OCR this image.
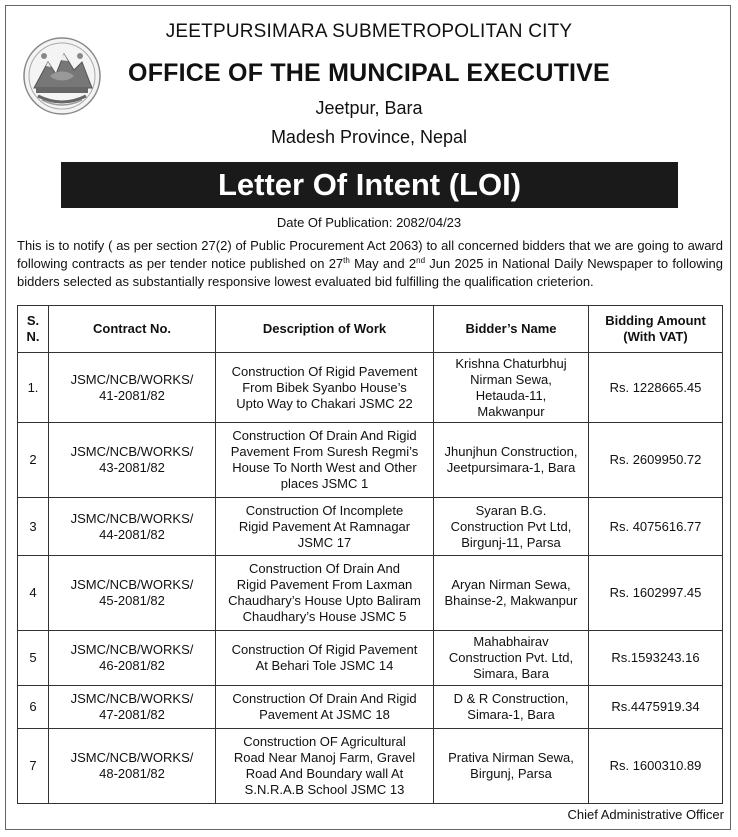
JEETPURSIMARA SUBMETROPOLITAN CITY

OFFICE OF THE MUNCIPAL EXECUTIVE

Jeetpur, Bara

Madesh Province, Nepal

Letter Of Intent (LOI)
Date Of Publication: 2082/04/23
This is to notify ( as per section 27(2) of Public Procurement Act 2063) to all concerned bidders that we are going to award following contracts as per tender notice published on 27th May and 2nd Jun 2025 in National Daily Newspaper to following bidders selected as substantially responsive lowest evaluated bid fulfilling the qualification crieterion.
S.
N.	Contract No.	Description of Work	Bidder’s Name	Bidding Amount
(With VAT)
1.	JSMC/NCB/WORKS/
41-2081/82	Construction Of Rigid Pavement
From Bibek Syanbo House’s
Upto Way to Chakari JSMC 22	Krishna Chaturbhuj
Nirman Sewa,
Hetauda-11,
Makwanpur	Rs. 1228665.45
2	JSMC/NCB/WORKS/
43-2081/82	Construction Of Drain And Rigid
Pavement From Suresh Regmi’s
House To North West and Other
places JSMC 1	Jhunjhun Construction,
Jeetpursimara-1, Bara	Rs. 2609950.72
3	JSMC/NCB/WORKS/
44-2081/82	Construction Of Incomplete
Rigid Pavement At Ramnagar
JSMC 17	Syaran B.G.
Construction Pvt Ltd,
Birgunj-11, Parsa	Rs. 4075616.77
4	JSMC/NCB/WORKS/
45-2081/82	Construction Of Drain And
Rigid Pavement From Laxman
Chaudhary’s House Upto Baliram
Chaudhary’s House JSMC 5	Aryan Nirman Sewa,
Bhainse-2, Makwanpur	Rs. 1602997.45
5	JSMC/NCB/WORKS/
46-2081/82	Construction Of Rigid Pavement
At Behari Tole JSMC 14	Mahabhairav
Construction Pvt. Ltd,
Simara, Bara	Rs.1593243.16
6	JSMC/NCB/WORKS/
47-2081/82	Construction Of Drain And Rigid
Pavement At JSMC 18	D & R Construction,
Simara-1, Bara	Rs.4475919.34
7	JSMC/NCB/WORKS/
48-2081/82	Construction OF Agricultural
Road Near Manoj Farm, Gravel
Road And Boundary wall At
S.N.R.A.B School JSMC 13	Prativa Nirman Sewa,
Birgunj, Parsa	Rs. 1600310.89
Chief Administrative Officer
